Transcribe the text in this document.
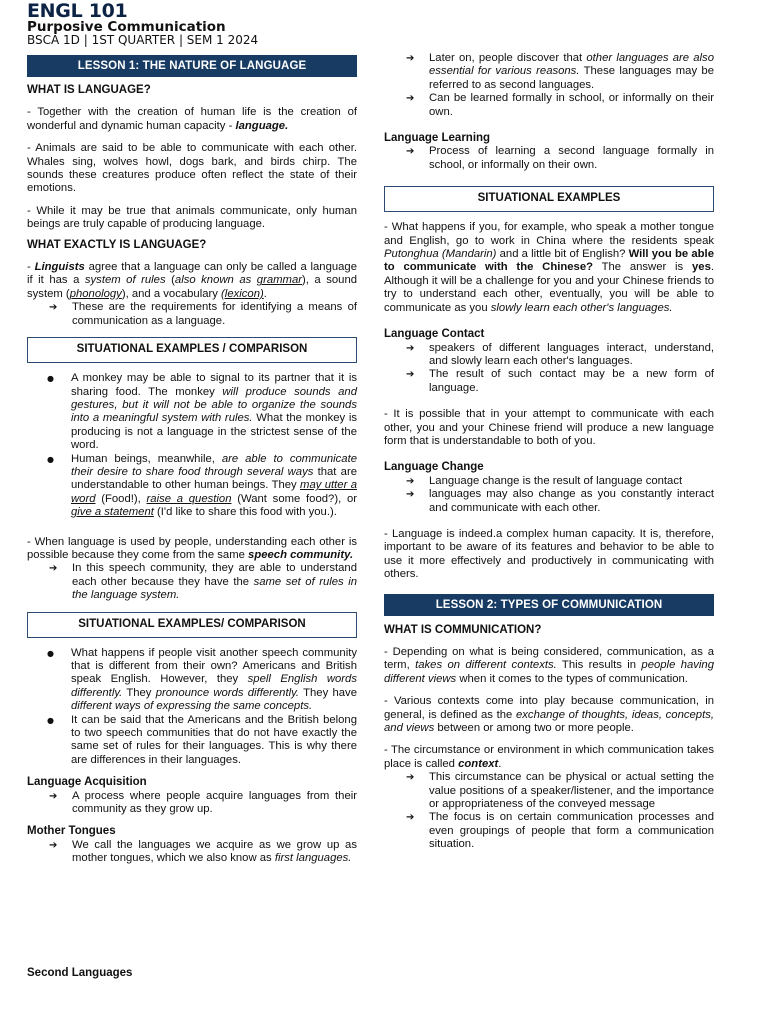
ENGL 101
Purposive Communication
BSCA 1D | 1ST QUARTER | SEM 1 2024
LESSON 1: THE NATURE OF LANGUAGE
WHAT IS LANGUAGE?
- Together with the creation of human life is the creation of wonderful and dynamic human capacity - language.
- Animals are said to be able to communicate with each other. Whales sing, wolves howl, dogs bark, and birds chirp. The sounds these creatures produce often reflect the state of their emotions.
- While it may be true that animals communicate, only human beings are truly capable of producing language.
WHAT EXACTLY IS LANGUAGE?
- Linguists agree that a language can only be called a language if it has a system of rules (also known as grammar), a sound system (phonology), and a vocabulary (lexicon).
➔ These are the requirements for identifying a means of communication as a language.
SITUATIONAL EXAMPLES / COMPARISON
● A monkey may be able to signal to its partner that it is sharing food. The monkey will produce sounds and gestures, but it will not be able to organize the sounds into a meaningful system with rules. What the monkey is producing is not a language in the strictest sense of the word.
● Human beings, meanwhile, are able to communicate their desire to share food through several ways that are understandable to other human beings. They may utter a word (Food!), raise a question (Want some food?), or give a statement (I'd like to share this food with you.).
- When language is used by people, understanding each other is possible because they come from the same speech community.
➔ In this speech community, they are able to understand each other because they have the same set of rules in the language system.
SITUATIONAL EXAMPLES/ COMPARISON
● What happens if people visit another speech community that is different from their own? Americans and British speak English. However, they spell English words differently. They pronounce words differently. They have different ways of expressing the same concepts.
● It can be said that the Americans and the British belong to two speech communities that do not have exactly the same set of rules for their languages. This is why there are differences in their languages.
Language Acquisition
➔ A process where people acquire languages from their community as they grow up.
Mother Tongues
➔ We call the languages we acquire as we grow up as mother tongues, which we also know as first languages.
Second Languages
➔ Later on, people discover that other languages are also essential for various reasons. These languages may be referred to as second languages.
➔ Can be learned formally in school, or informally on their own.
Language Learning
➔ Process of learning a second language formally in school, or informally on their own.
SITUATIONAL EXAMPLES
- What happens if you, for example, who speak a mother tongue and English, go to work in China where the residents speak Putonghua (Mandarin) and a little bit of English? Will you be able to communicate with the Chinese? The answer is yes. Although it will be a challenge for you and your Chinese friends to try to understand each other, eventually, you will be able to communicate as you slowly learn each other's languages.
Language Contact
➔ speakers of different languages interact, understand, and slowly learn each other's languages.
➔ The result of such contact may be a new form of language.
- It is possible that in your attempt to communicate with each other, you and your Chinese friend will produce a new language form that is understandable to both of you.
Language Change
➔ Language change is the result of language contact
➔ languages may also change as you constantly interact and communicate with each other.
- Language is indeed.a complex human capacity. It is, therefore, important to be aware of its features and behavior to be able to use it more effectively and productively in communicating with others.
LESSON 2: TYPES OF COMMUNICATION
WHAT IS COMMUNICATION?
- Depending on what is being considered, communication, as a term, takes on different contexts. This results in people having different views when it comes to the types of communication.
- Various contexts come into play because communication, in general, is defined as the exchange of thoughts, ideas, concepts, and views between or among two or more people.
- The circumstance or environment in which communication takes place is called context.
➔ This circumstance can be physical or actual setting the value positions of a speaker/listener, and the importance or appropriateness of the conveyed message
➔ The focus is on certain communication processes and even groupings of people that form a communication situation.
